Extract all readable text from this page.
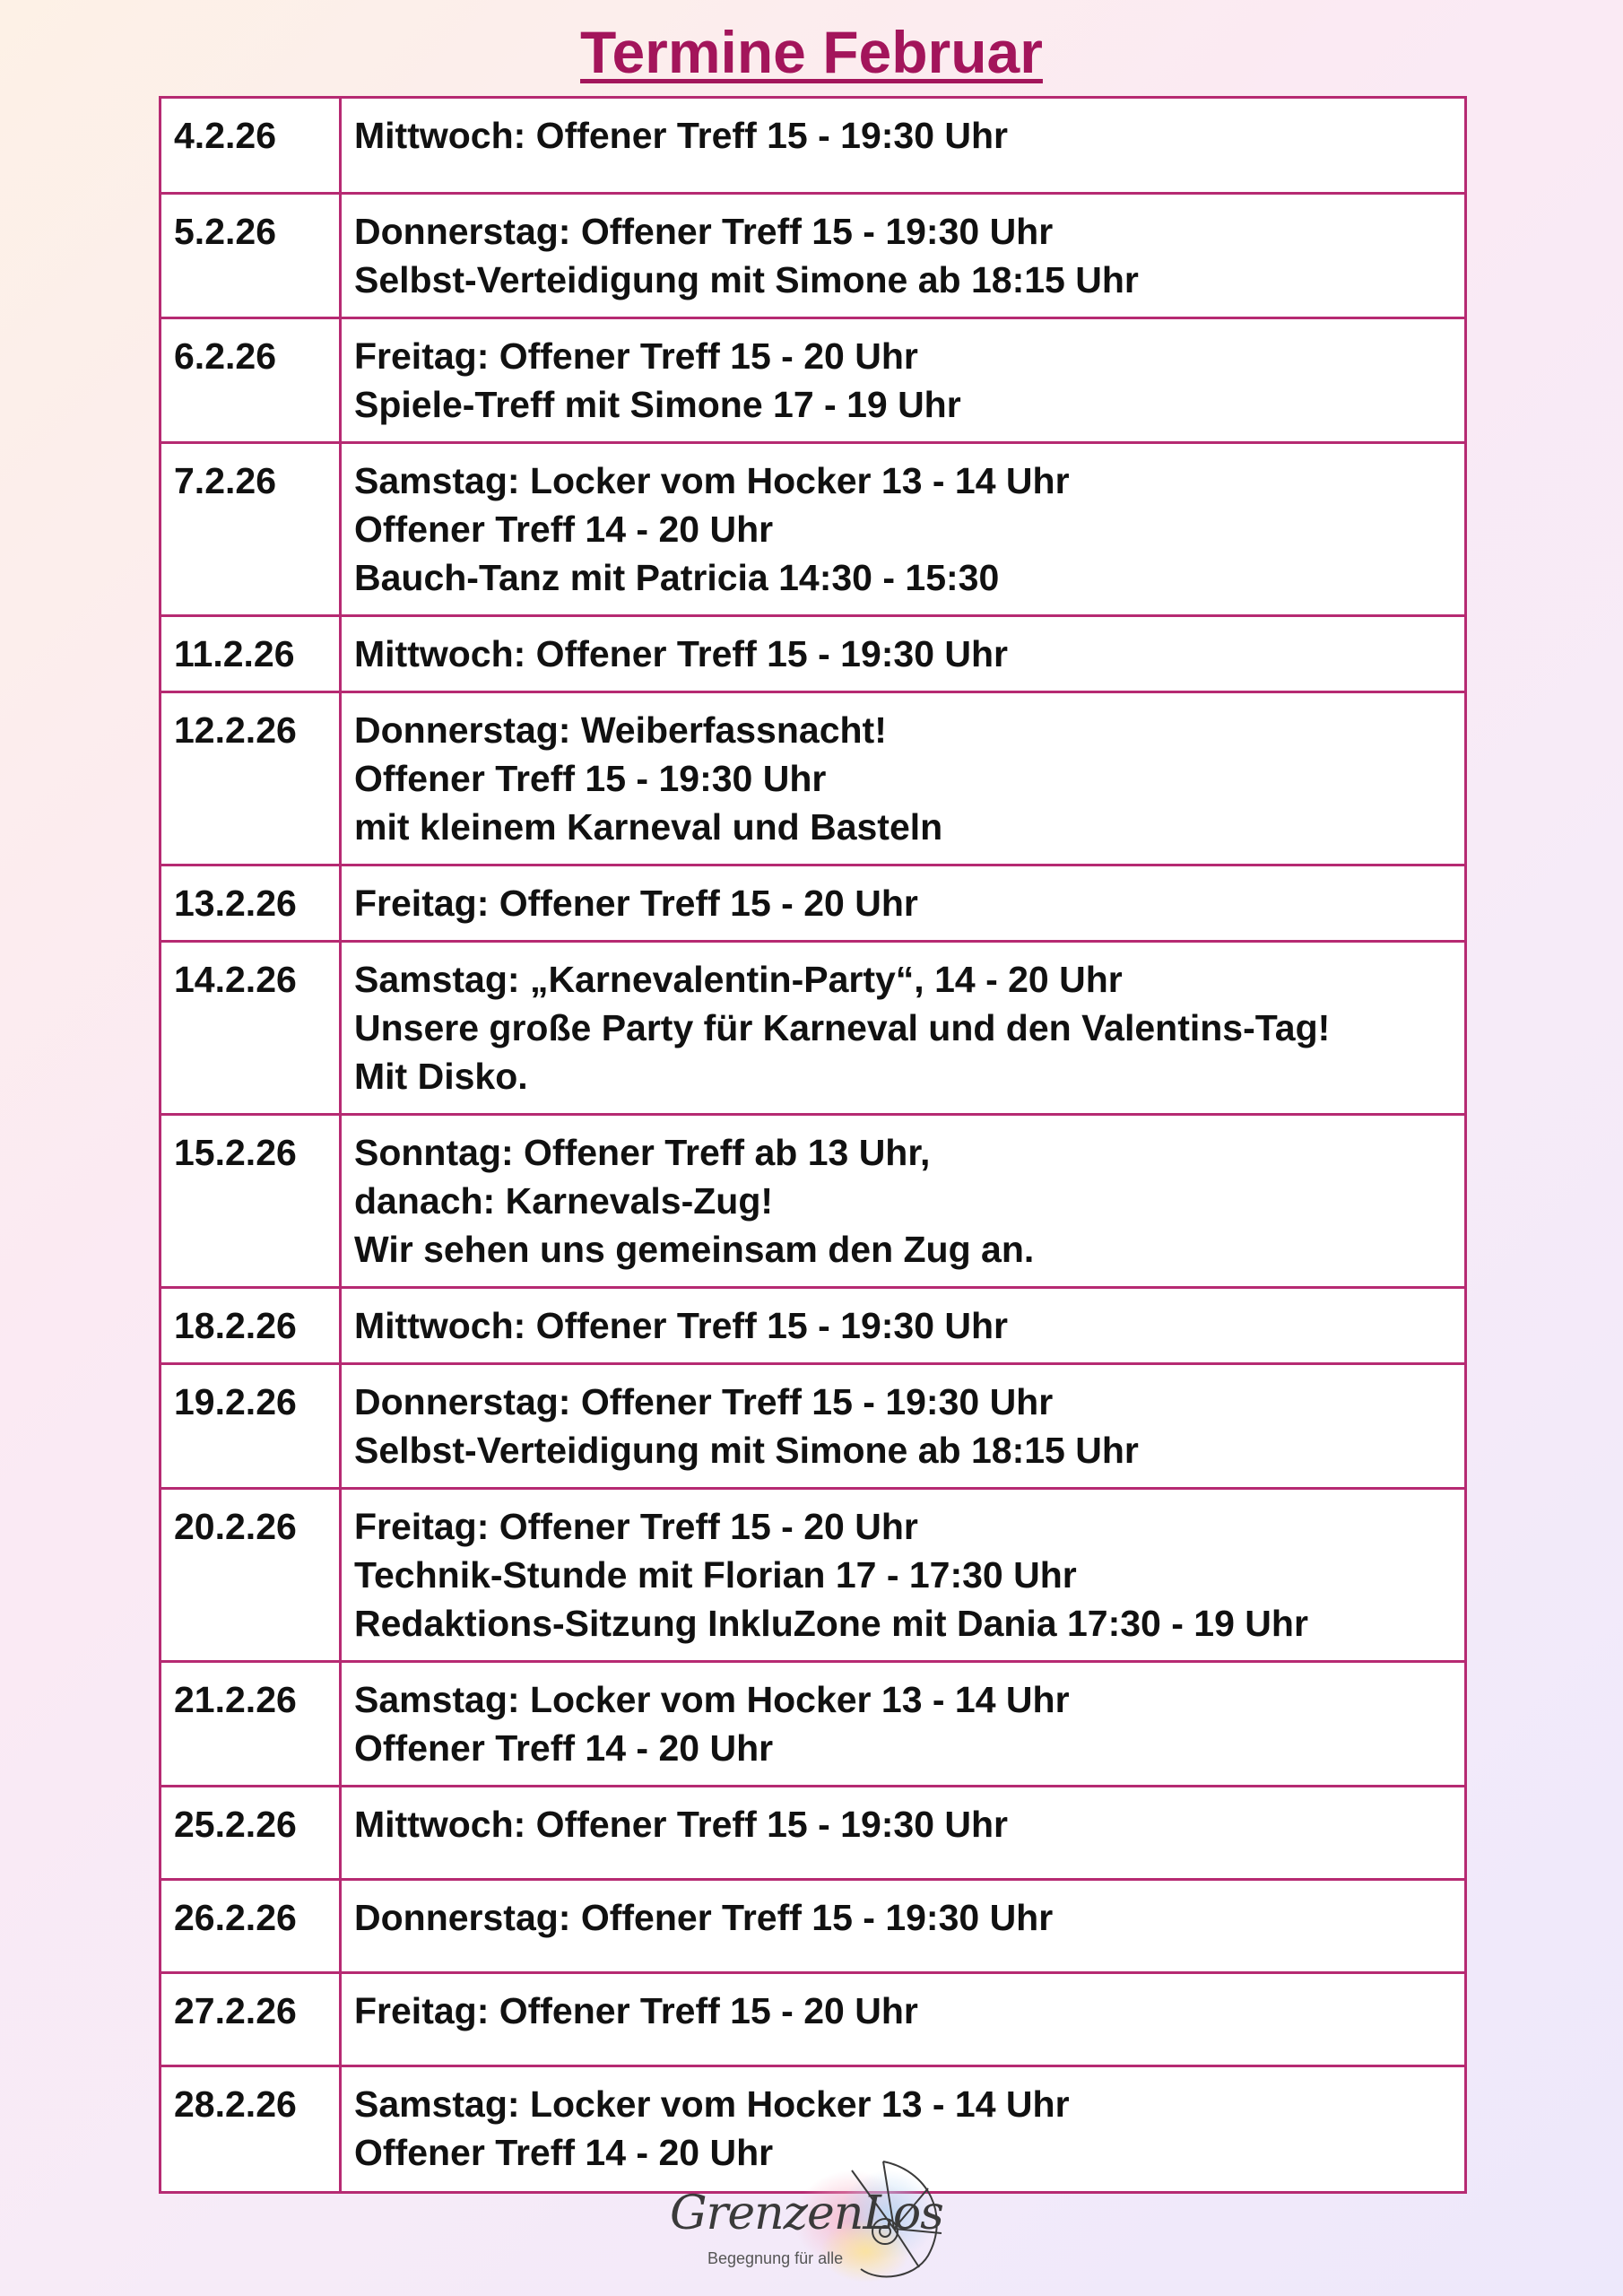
Termine Februar
4.2.26	Mittwoch: Offener Treff 15 - 19:30 Uhr

5.2.26	Donnerstag: Offener Treff 15 - 19:30 Uhr
Selbst-Verteidigung mit Simone ab 18:15 Uhr

6.2.26	Freitag: Offener Treff 15 - 20 Uhr
Spiele-Treff mit Simone 17 - 19 Uhr

7.2.26	Samstag: Locker vom Hocker 13 - 14 Uhr
Offener Treff 14 - 20 Uhr
Bauch-Tanz mit Patricia 14:30 - 15:30

11.2.26	Mittwoch: Offener Treff 15 - 19:30 Uhr

12.2.26	Donnerstag: Weiberfassnacht!
Offener Treff 15 - 19:30 Uhr
mit kleinem Karneval und Basteln

13.2.26	Freitag: Offener Treff 15 - 20 Uhr

14.2.26	Samstag: „Karnevalentin-Party“, 14 - 20 Uhr
Unsere große Party für Karneval und den Valentins-Tag!
Mit Disko.

15.2.26	Sonntag: Offener Treff ab 13 Uhr,
danach: Karnevals-Zug!
Wir sehen uns gemeinsam den Zug an.

18.2.26	Mittwoch: Offener Treff 15 - 19:30 Uhr

19.2.26	Donnerstag: Offener Treff 15 - 19:30 Uhr
Selbst-Verteidigung mit Simone ab 18:15 Uhr

20.2.26	Freitag: Offener Treff 15 - 20 Uhr
Technik-Stunde mit Florian 17 - 17:30 Uhr
Redaktions-Sitzung InkluZone mit Dania 17:30 - 19 Uhr

21.2.26	Samstag: Locker vom Hocker 13 - 14 Uhr
Offener Treff 14 - 20 Uhr

25.2.26	Mittwoch: Offener Treff 15 - 19:30 Uhr

26.2.26	Donnerstag: Offener Treff 15 - 19:30 Uhr

27.2.26	Freitag: Offener Treff 15 - 20 Uhr

28.2.26	Samstag: Locker vom Hocker 13 - 14 Uhr
Offener Treff 14 - 20 Uhr
GrenzenLos
Begegnung für alle
